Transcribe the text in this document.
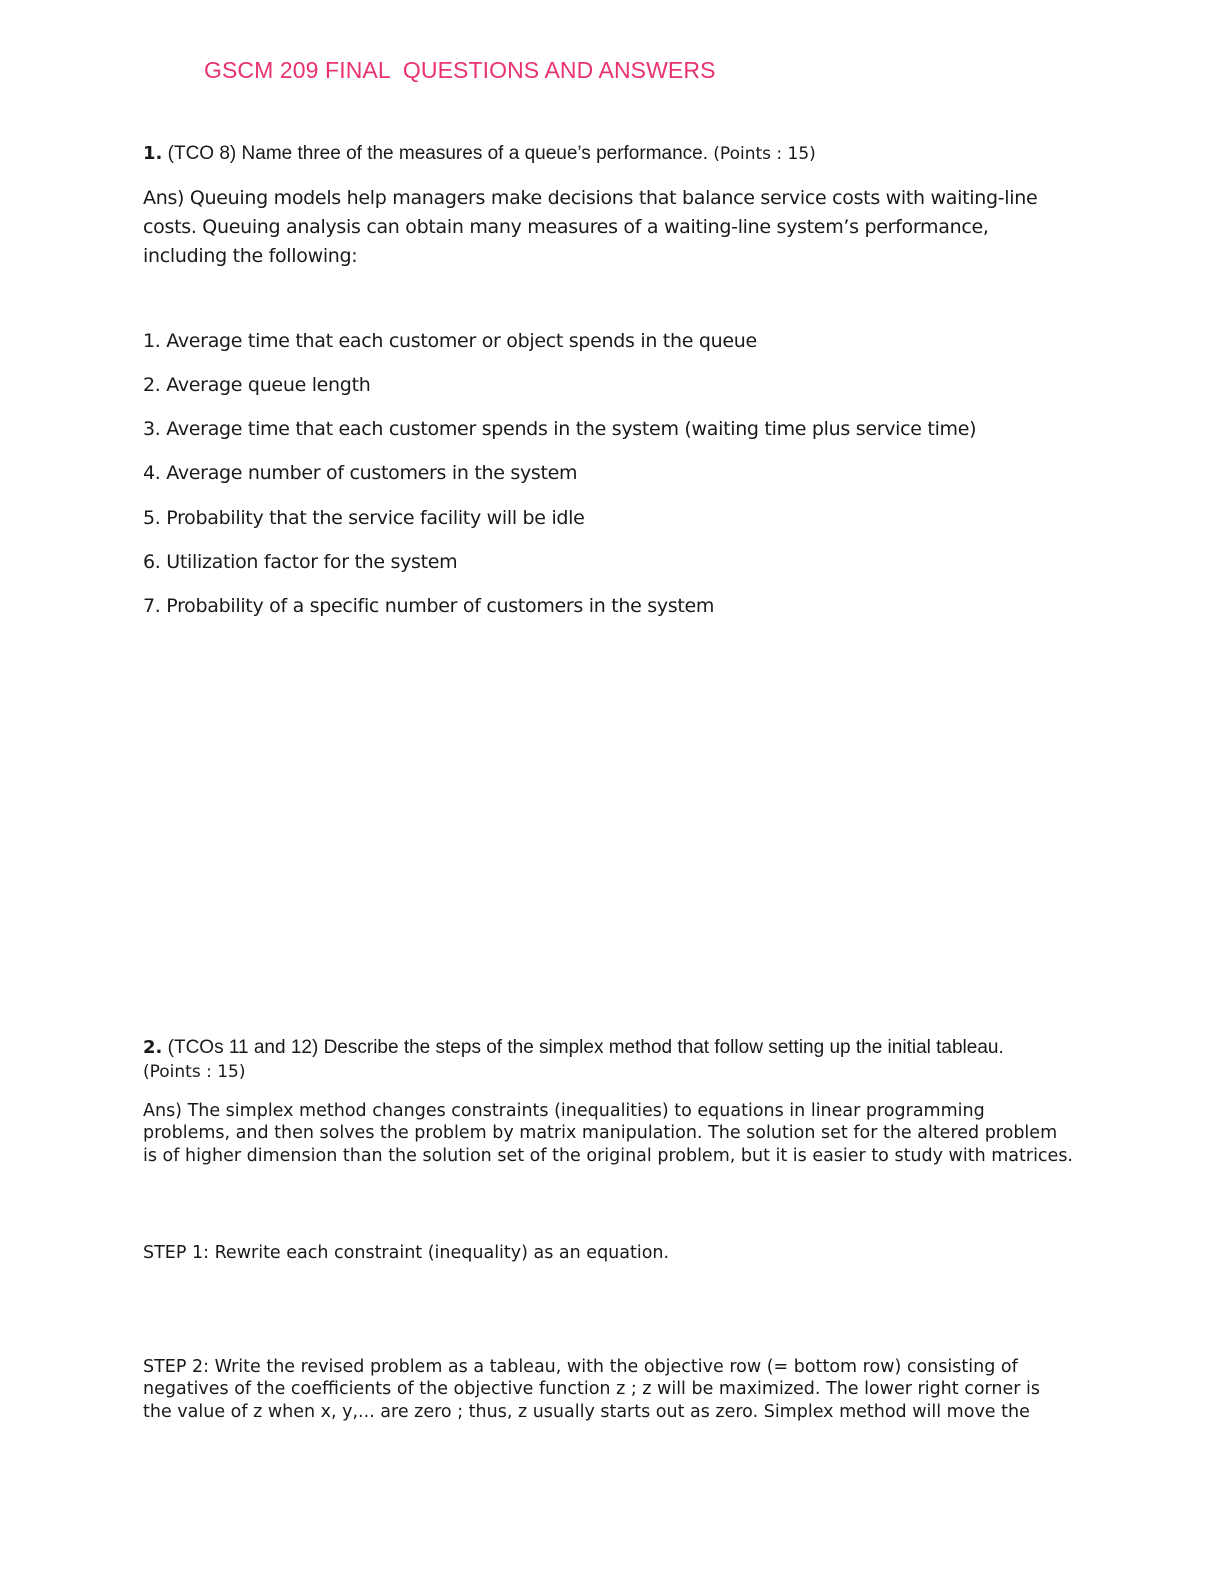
GSCM 209 FINAL  QUESTIONS AND ANSWERS
1. (TCO 8) Name three of the measures of a queue’s performance. (Points : 15)
Ans) Queuing models help managers make decisions that balance service costs with waiting-line costs. Queuing analysis can obtain many measures of a waiting-line system’s performance, including the following:
1. Average time that each customer or object spends in the queue
2. Average queue length
3. Average time that each customer spends in the system (waiting time plus service time)
4. Average number of customers in the system
5. Probability that the service facility will be idle
6. Utilization factor for the system
7. Probability of a specific number of customers in the system
2. (TCOs 11 and 12) Describe the steps of the simplex method that follow setting up the initial tableau. (Points : 15)
Ans) The simplex method changes constraints (inequalities) to equations in linear programming problems, and then solves the problem by matrix manipulation. The solution set for the altered problem is of higher dimension than the solution set of the original problem, but it is easier to study with matrices.
STEP 1: Rewrite each constraint (inequality) as an equation.
STEP 2: Write the revised problem as a tableau, with the objective row (= bottom row) consisting of negatives of the coefficients of the objective function z ; z will be maximized. The lower right corner is the value of z when x, y,... are zero ; thus, z usually starts out as zero. Simplex method will move the
